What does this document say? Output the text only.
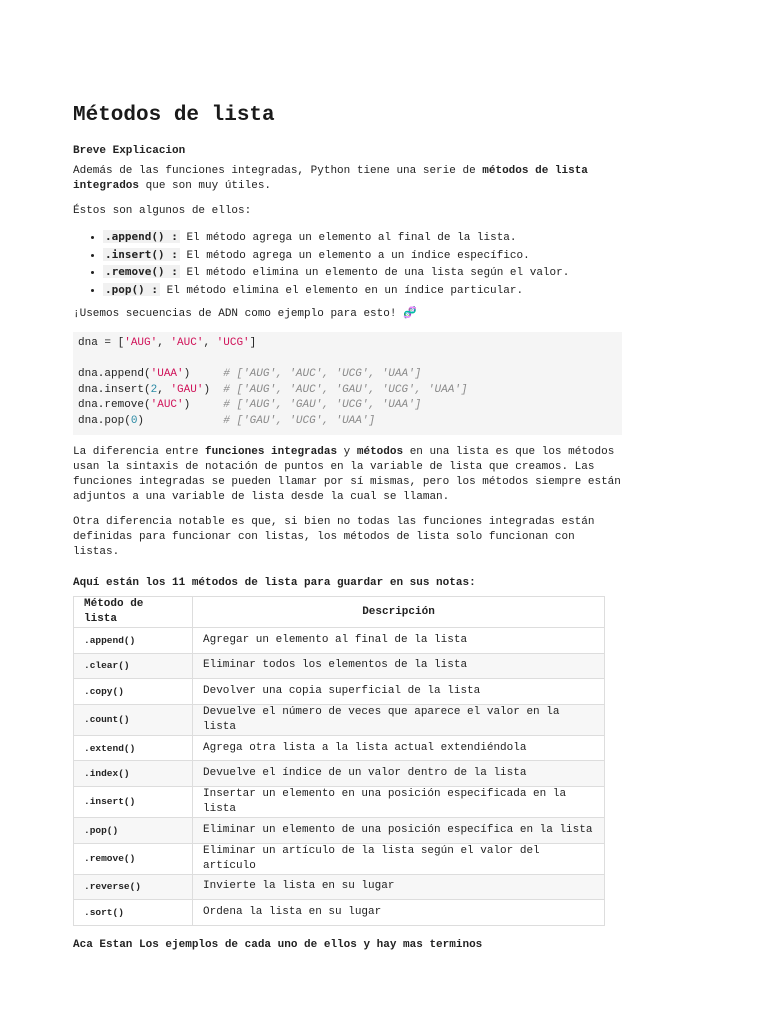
Métodos de lista
Breve Explicacion

Además de las funciones integradas, Python tiene una serie de métodos de lista integrados que son muy útiles.

Éstos son algunos de ellos:

• .append() : El método agrega un elemento al final de la lista.
• .insert() : El método agrega un elemento a un índice específico.
• .remove() : El método elimina un elemento de una lista según el valor.
• .pop() : El método elimina el elemento en un índice particular.

¡Usemos secuencias de ADN como ejemplo para esto! 🧬

dna = ['AUG', 'AUC', 'UCG']

dna.append('UAA')     # ['AUG', 'AUC', 'UCG', 'UAA']
dna.insert(2, 'GAU')  # ['AUG', 'AUC', 'GAU', 'UCG', 'UAA']
dna.remove('AUC')     # ['AUG', 'GAU', 'UCG', 'UAA']
dna.pop(0)            # ['GAU', 'UCG', 'UAA']

La diferencia entre funciones integradas y métodos en una lista es que los métodos usan la sintaxis de notación de puntos en la variable de lista que creamos. Las funciones integradas se pueden llamar por sí mismas, pero los métodos siempre están adjuntos a una variable de lista desde la cual se llaman.

Otra diferencia notable es que, si bien no todas las funciones integradas están definidas para funcionar con listas, los métodos de lista solo funcionan con listas.

Aquí están los 11 métodos de lista para guardar en sus notas:
Método de lista	Descripción
.append()	Agregar un elemento al final de la lista
.clear()	Eliminar todos los elementos de la lista
.copy()	Devolver una copia superficial de la lista
.count()	Devuelve el número de veces que aparece el valor en la lista
.extend()	Agrega otra lista a la lista actual extendiéndola
.index()	Devuelve el índice de un valor dentro de la lista
.insert()	Insertar un elemento en una posición especificada en la lista
.pop()	Eliminar un elemento de una posición específica en la lista
.remove()	Eliminar un artículo de la lista según el valor del artículo
.reverse()	Invierte la lista en su lugar
.sort()	Ordena la lista en su lugar

Aca Estan Los ejemplos de cada uno de ellos y hay mas terminos
